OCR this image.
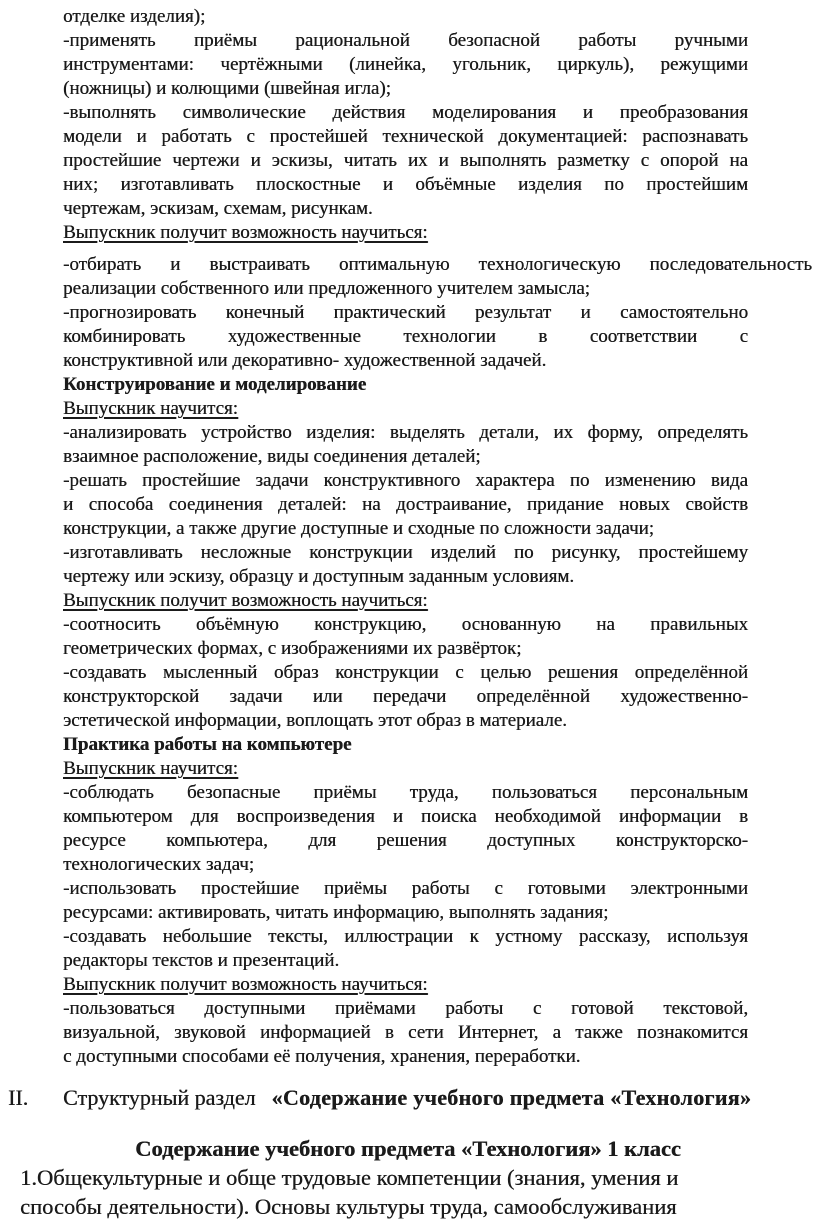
отделке изделия);
-применять приёмы рациональной безопасной работы ручными
инструментами: чертёжными (линейка, угольник, циркуль), режущими
(ножницы) и колющими (швейная игла);
-выполнять символические действия моделирования и преобразования
модели и работать с простейшей технической документацией: распознавать
простейшие чертежи и эскизы, читать их и выполнять разметку с опорой на
них; изготавливать плоскостные и объёмные изделия по простейшим
чертежам, эскизам, схемам, рисункам.
Выпускник получит возможность научиться:
-отбирать и выстраивать оптимальную технологическую последовательность
реализации собственного или предложенного учителем замысла;
-прогнозировать конечный практический результат и самостоятельно
комбинировать художественные технологии в соответствии с
конструктивной или декоративно- художественной задачей.
Конструирование и моделирование
Выпускник научится:
-анализировать устройство изделия: выделять детали, их форму, определять
взаимное расположение, виды соединения деталей;
-решать простейшие задачи конструктивного характера по изменению вида
и способа соединения деталей: на достраивание, придание новых свойств
конструкции, а также другие доступные и сходные по сложности задачи;
-изготавливать несложные конструкции изделий по рисунку, простейшему
чертежу или эскизу, образцу и доступным заданным условиям.
Выпускник получит возможность научиться:
-соотносить объёмную конструкцию, основанную на правильных
геометрических формах, с изображениями их развёрток;
-создавать мысленный образ конструкции с целью решения определённой
конструкторской задачи или передачи определённой художественно-
эстетической информации, воплощать этот образ в материале.
Практика работы на компьютере
Выпускник научится:
-соблюдать безопасные приёмы труда, пользоваться персональным
компьютером для воспроизведения и поиска необходимой информации в
ресурсе компьютера, для решения доступных конструкторско-
технологических задач;
-использовать простейшие приёмы работы с готовыми электронными
ресурсами: активировать, читать информацию, выполнять задания;
-создавать небольшие тексты, иллюстрации к устному рассказу, используя
редакторы текстов и презентаций.
Выпускник получит возможность научиться:
-пользоваться доступными приёмами работы с готовой текстовой,
визуальной, звуковой информацией в сети Интернет, а также познакомится
с доступными способами её получения, хранения, переработки.
II. Структурный раздел «Содержание учебного предмета «Технология»
Содержание учебного предмета «Технология» 1 класс
1.Общекультурные и обще трудовые компетенции (знания, умения и
способы деятельности). Основы культуры труда, самообслуживания
